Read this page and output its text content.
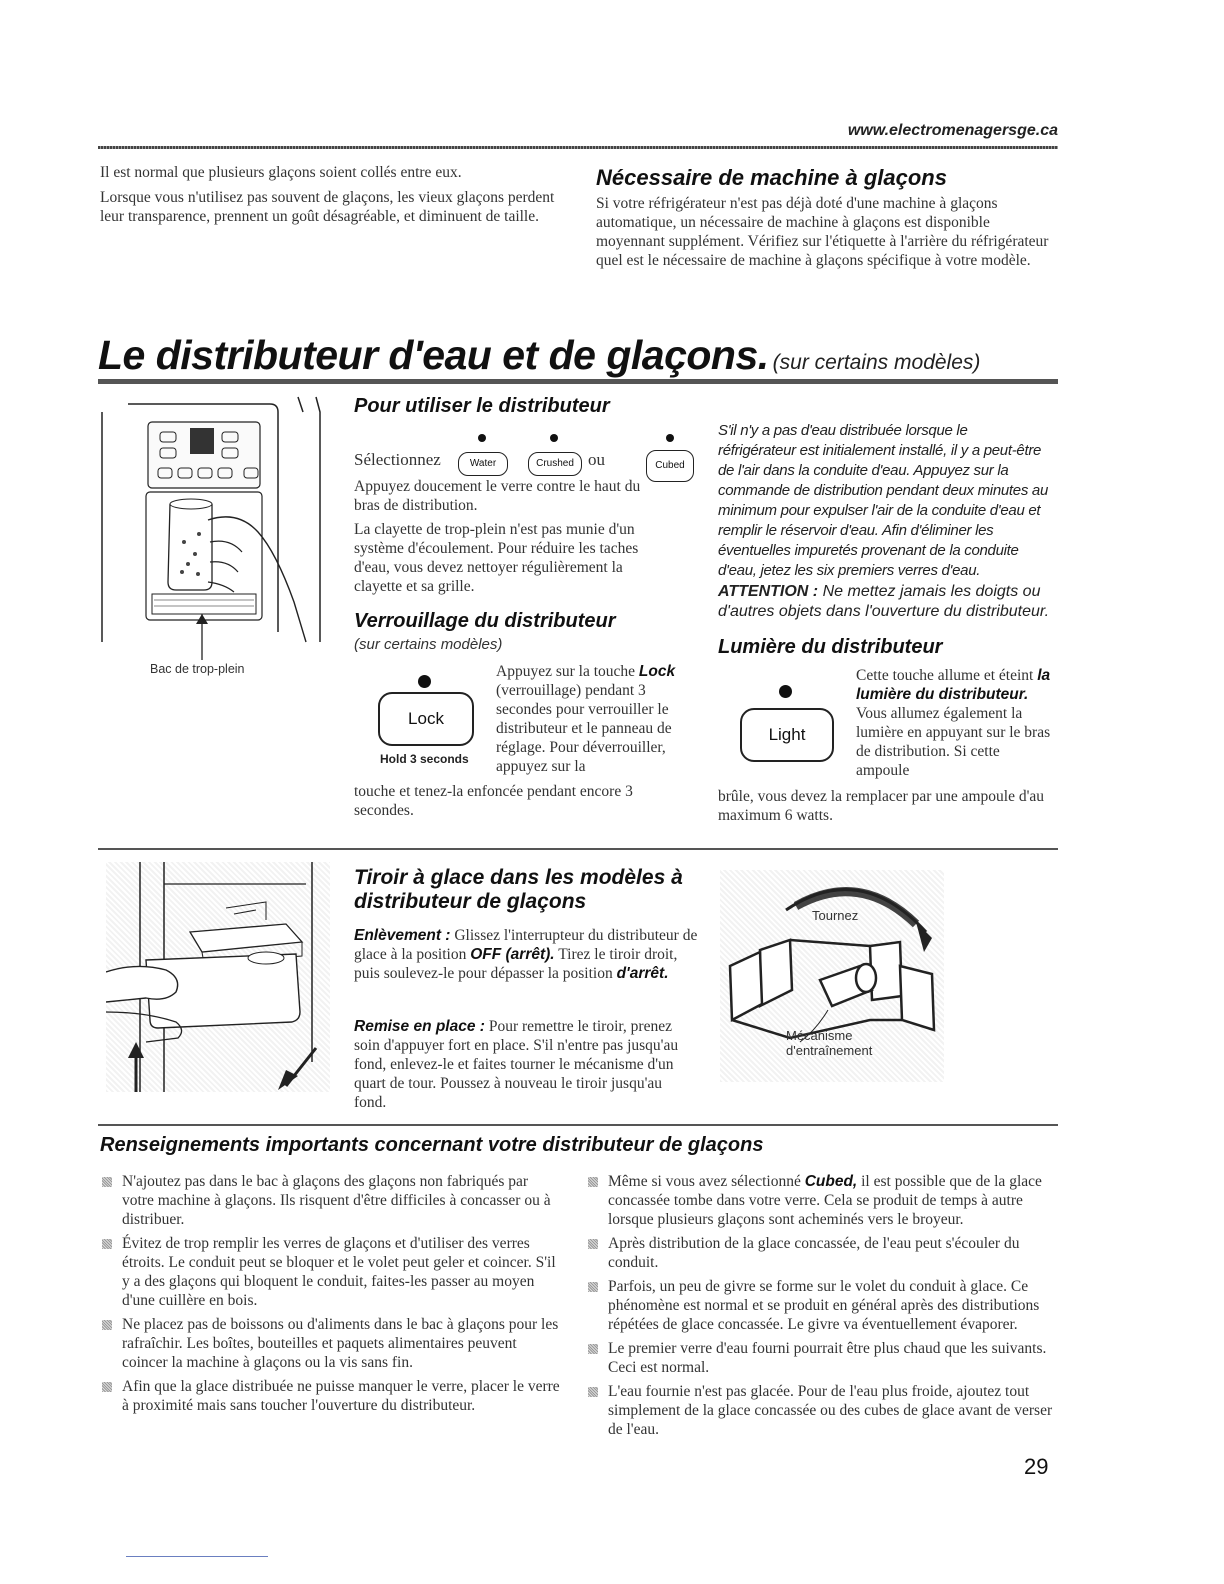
www.electromenagersge.ca

Il est normal que plusieurs glaçons soient collés entre eux.

Lorsque vous n'utilisez pas souvent de glaçons, les vieux glaçons perdent leur transparence, prennent un goût désagréable, et diminuent de taille.

Nécessaire de machine à glaçons
Si votre réfrigérateur n'est pas déjà doté d'une machine à glaçons automatique, un nécessaire de machine à glaçons est disponible moyennant supplément. Vérifiez sur l'étiquette à l'arrière du réfrigérateur quel est le nécessaire de machine à glaçons spécifique à votre modèle.
Le distributeur d'eau et de glaçons. (sur certains modèles)
Bac de trop-plein
Pour utiliser le distributeur
Sélectionnez	Water	Crushed ou	Cubed
Appuyez doucement le verre contre le haut du bras de distribution.
La clayette de trop-plein n'est pas munie d'un système d'écoulement. Pour réduire les taches d'eau, vous devez nettoyer régulièrement la clayette et sa grille.
Verrouillage du distributeur
(sur certains modèles)
Lock
Hold 3 seconds
Appuyez sur la touche Lock (verrouillage) pendant 3 secondes pour verrouiller le distributeur et le panneau de réglage. Pour déverrouiller, appuyez sur la
touche et tenez-la enfoncée pendant encore 3 secondes.
S'il n'y a pas d'eau distribuée lorsque le réfrigérateur est initialement installé, il y a peut-être de l'air dans la conduite d'eau. Appuyez sur la commande de distribution pendant deux minutes au minimum pour expulser l'air de la conduite d'eau et remplir le réservoir d'eau. Afin d'éliminer les éventuelles impuretés provenant de la conduite d'eau, jetez les six premiers verres d'eau.
ATTENTION : Ne mettez jamais les doigts ou d'autres objets dans l'ouverture du distributeur.
Lumière du distributeur
Light
Cette touche allume et éteint la lumière du distributeur. Vous allumez également la lumière en appuyant sur le bras de distribution. Si cette ampoule
brûle, vous devez la remplacer par une ampoule d'au maximum 6 watts.
Tiroir à glace dans les modèles à distributeur de glaçons
Enlèvement : Glissez l'interrupteur du distributeur de glace à la position OFF (arrêt). Tirez le tiroir droit, puis soulevez-le pour dépasser la position d'arrêt.
Remise en place : Pour remettre le tiroir, prenez soin d'appuyer fort en place. S'il n'entre pas jusqu'au fond, enlevez-le et faites tourner le mécanisme d'un quart de tour. Poussez à nouveau le tiroir jusqu'au fond.
Tournez
Mécanisme d'entraînement
Renseignements importants concernant votre distributeur de glaçons
N'ajoutez pas dans le bac à glaçons des glaçons non fabriqués par votre machine à glaçons. Ils risquent d'être difficiles à concasser ou à distribuer.
Évitez de trop remplir les verres de glaçons et d'utiliser des verres étroits. Le conduit peut se bloquer et le volet peut geler et coincer. S'il y a des glaçons qui bloquent le conduit, faites-les passer au moyen d'une cuillère en bois.
Ne placez pas de boissons ou d'aliments dans le bac à glaçons pour les rafraîchir. Les boîtes, bouteilles et paquets alimentaires peuvent coincer la machine à glaçons ou la vis sans fin.
Afin que la glace distribuée ne puisse manquer le verre, placer le verre à proximité mais sans toucher l'ouverture du distributeur.
Même si vous avez sélectionné Cubed, il est possible que de la glace concassée tombe dans votre verre. Cela se produit de temps à autre lorsque plusieurs glaçons sont acheminés vers le broyeur.
Après distribution de la glace concassée, de l'eau peut s'écouler du conduit.
Parfois, un peu de givre se forme sur le volet du conduit à glace. Ce phénomène est normal et se produit en général après des distributions répétées de glace concassée. Le givre va éventuellement évaporer.
Le premier verre d'eau fourni pourrait être plus chaud que les suivants. Ceci est normal.
L'eau fournie n'est pas glacée. Pour de l'eau plus froide, ajoutez tout simplement de la glace concassée ou des cubes de glace avant de verser de l'eau.
29
